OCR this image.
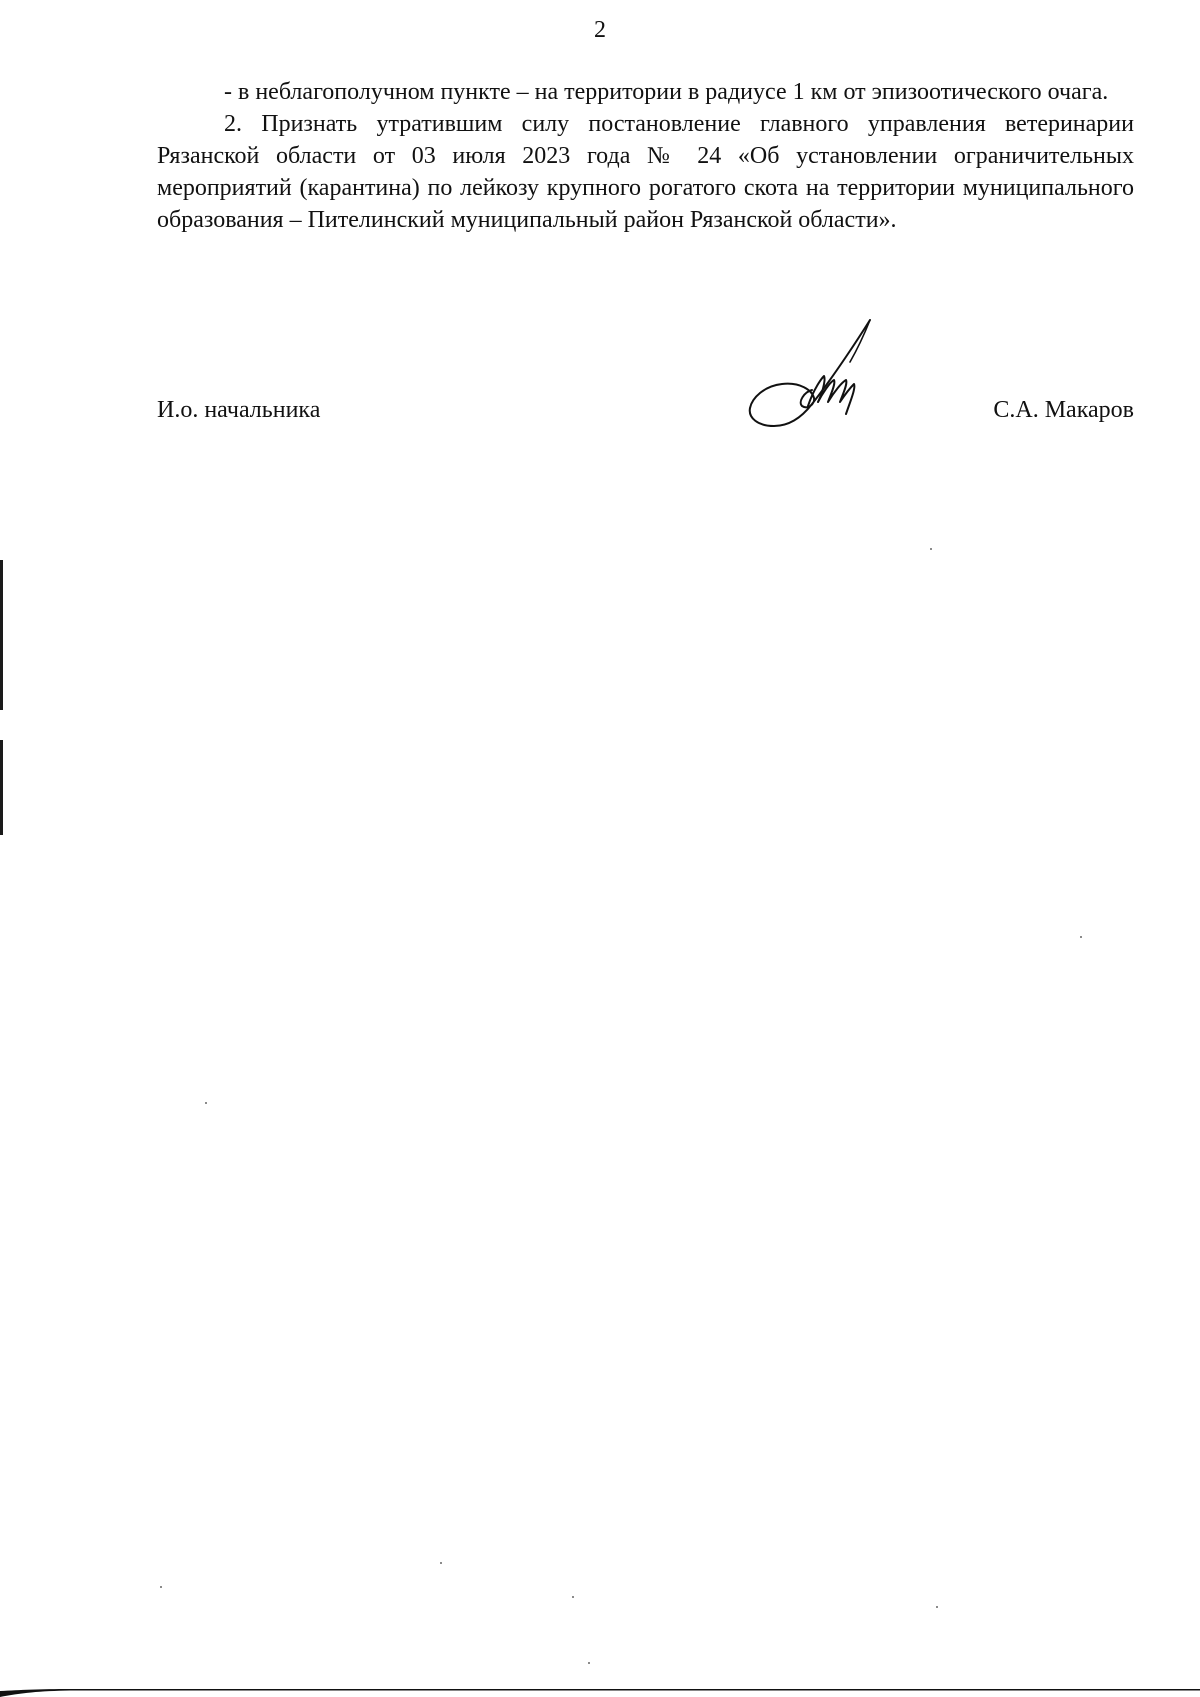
2

- в неблагополучном пункте – на территории в радиусе 1 км от эпизоотического очага.

2. Признать утратившим силу постановление главного управления ветеринарии Рязанской области от 03 июля 2023 года № 24 «Об установлении ограничительных мероприятий (карантина) по лейкозу крупного рогатого скота на территории муниципального образования – Пителинский муниципальный район Рязанской области».

И.о. начальника	С.А. Макаров
